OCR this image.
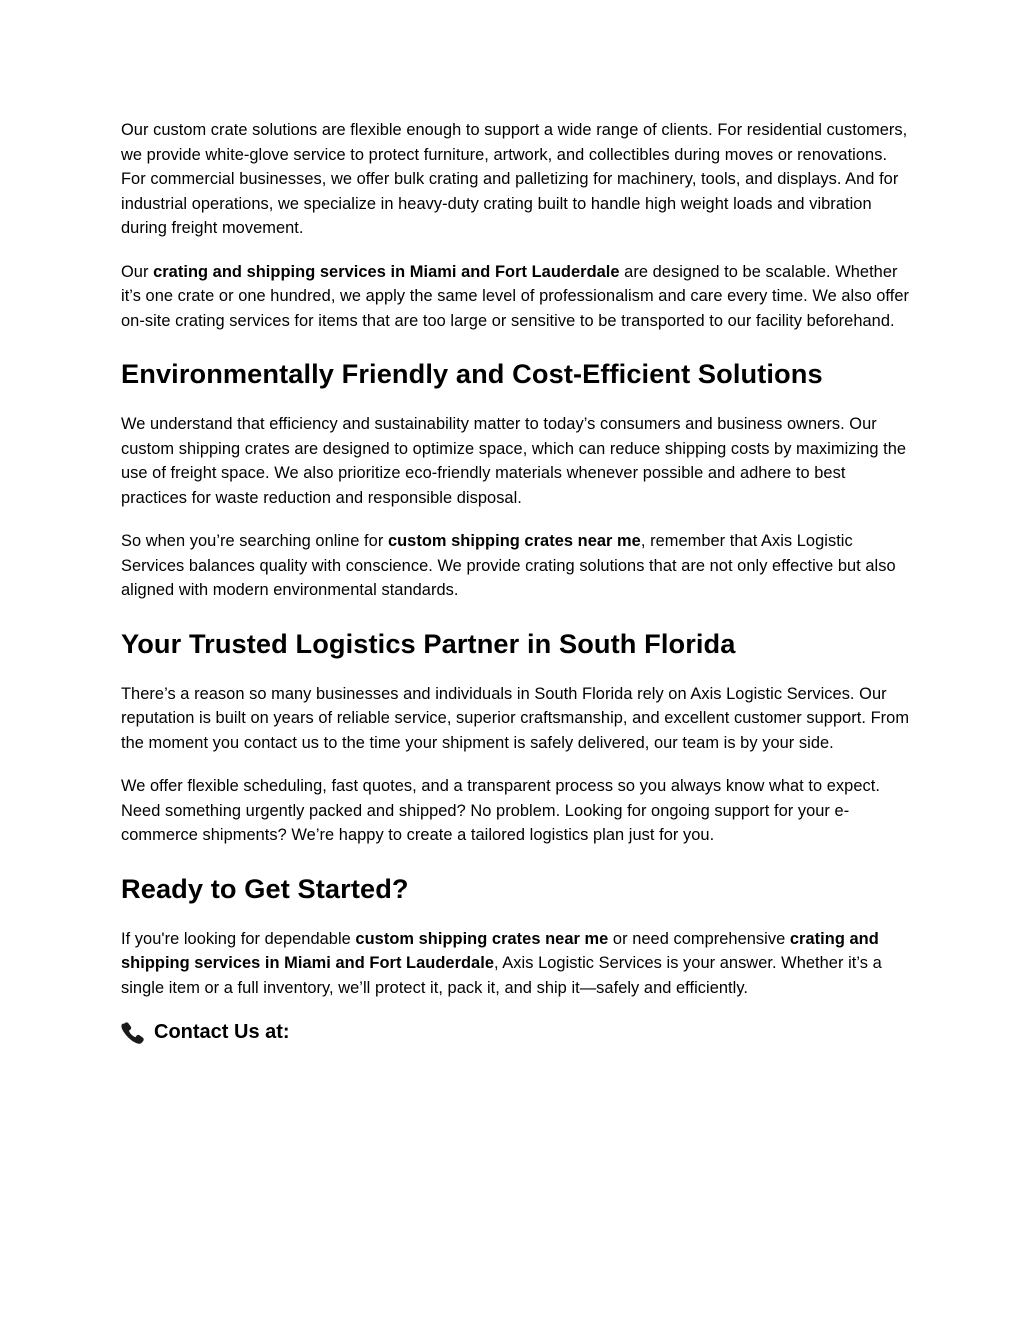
Our custom crate solutions are flexible enough to support a wide range of clients. For residential customers, we provide white-glove service to protect furniture, artwork, and collectibles during moves or renovations. For commercial businesses, we offer bulk crating and palletizing for machinery, tools, and displays. And for industrial operations, we specialize in heavy-duty crating built to handle high weight loads and vibration during freight movement.

Our crating and shipping services in Miami and Fort Lauderdale are designed to be scalable. Whether it’s one crate or one hundred, we apply the same level of professionalism and care every time. We also offer on-site crating services for items that are too large or sensitive to be transported to our facility beforehand.

Environmentally Friendly and Cost-Efficient Solutions

We understand that efficiency and sustainability matter to today’s consumers and business owners. Our custom shipping crates are designed to optimize space, which can reduce shipping costs by maximizing the use of freight space. We also prioritize eco-friendly materials whenever possible and adhere to best practices for waste reduction and responsible disposal.

So when you’re searching online for custom shipping crates near me, remember that Axis Logistic Services balances quality with conscience. We provide crating solutions that are not only effective but also aligned with modern environmental standards.

Your Trusted Logistics Partner in South Florida

There’s a reason so many businesses and individuals in South Florida rely on Axis Logistic Services. Our reputation is built on years of reliable service, superior craftsmanship, and excellent customer support. From the moment you contact us to the time your shipment is safely delivered, our team is by your side.

We offer flexible scheduling, fast quotes, and a transparent process so you always know what to expect. Need something urgently packed and shipped? No problem. Looking for ongoing support for your e-commerce shipments? We’re happy to create a tailored logistics plan just for you.

Ready to Get Started?

If you're looking for dependable custom shipping crates near me or need comprehensive crating and shipping services in Miami and Fort Lauderdale, Axis Logistic Services is your answer. Whether it’s a single item or a full inventory, we’ll protect it, pack it, and ship it—safely and efficiently.

Contact Us at:
